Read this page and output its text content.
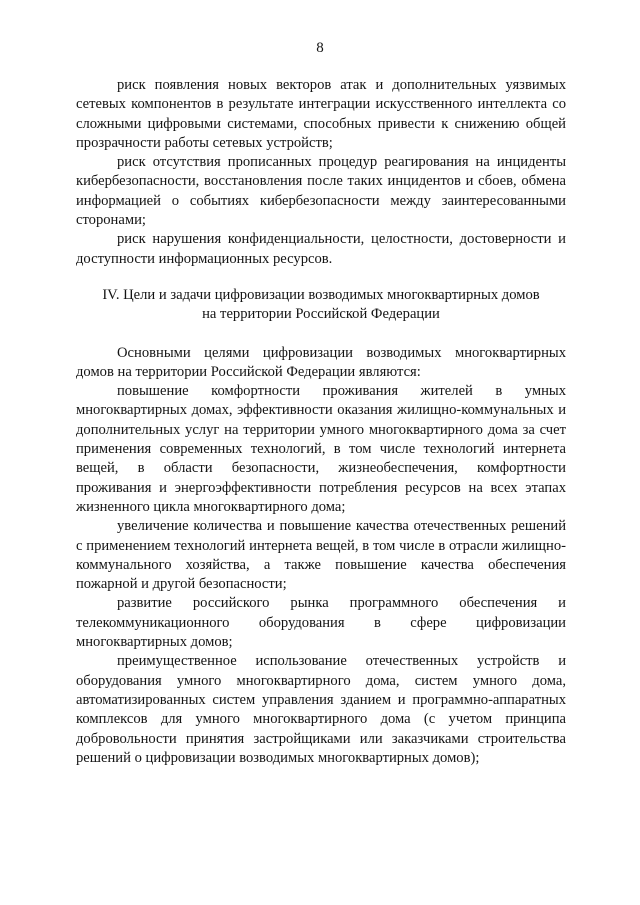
8

риск появления новых векторов атак и дополнительных уязвимых сетевых компонентов в результате интеграции искусственного интеллекта со сложными цифровыми системами, способных привести к снижению общей прозрачности работы сетевых устройств;

риск отсутствия прописанных процедур реагирования на инциденты кибербезопасности, восстановления после таких инцидентов и сбоев, обмена информацией о событиях кибербезопасности между заинтересованными сторонами;

риск нарушения конфиденциальности, целостности, достоверности и доступности информационных ресурсов.

IV. Цели и задачи цифровизации возводимых многоквартирных домов
на территории Российской Федерации

Основными целями цифровизации возводимых многоквартирных домов на территории Российской Федерации являются:

повышение комфортности проживания жителей в умных многоквартирных домах, эффективности оказания жилищно-коммунальных и дополнительных услуг на территории умного многоквартирного дома за счет применения современных технологий, в том числе технологий интернета вещей, в области безопасности, жизнеобеспечения, комфортности проживания и энергоэффективности потребления ресурсов на всех этапах жизненного цикла многоквартирного дома;

увеличение количества и повышение качества отечественных решений с применением технологий интернета вещей, в том числе в отрасли жилищно-коммунального хозяйства, а также повышение качества обеспечения пожарной и другой безопасности;

развитие российского рынка программного обеспечения и телекоммуникационного оборудования в сфере цифровизации многоквартирных домов;

преимущественное использование отечественных устройств и оборудования умного многоквартирного дома, систем умного дома, автоматизированных систем управления зданием и программно-аппаратных комплексов для умного многоквартирного дома (с учетом принципа добровольности принятия застройщиками или заказчиками строительства решений о цифровизации возводимых многоквартирных домов);
